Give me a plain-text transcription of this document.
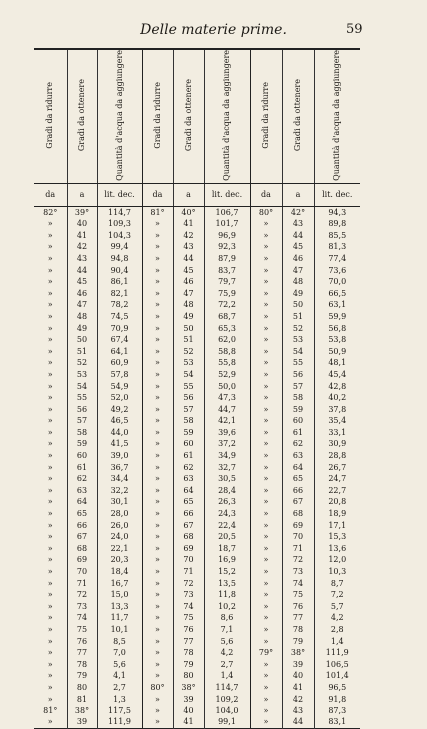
Delle materie prime.	59
Gradi da ridurre	Gradi da ottenere	Quantità d'acqua da aggiungere	Gradi da ridurre	Gradi da ottenere	Quantità d'acqua da aggiungere	Gradi da ridurre	Gradi da ottenere	Quantità d'acqua da aggiungere
da	a	lit. dec.	da	a	lit. dec.	da	a	lit. dec.
82°	39°	114,7	81°	40°	106,7	80°	42°	94,3
»	40	109,3	»	41	101,7	»	43	89,8
»	41	104,3	»	42	96,9	»	44	85,5
»	42	99,4	»	43	92,3	»	45	81,3
»	43	94,8	»	44	87,9	»	46	77,4
»	44	90,4	»	45	83,7	»	47	73,6
»	45	86,1	»	46	79,7	»	48	70,0
»	46	82,1	»	47	75,9	»	49	66,5
»	47	78,2	»	48	72,2	»	50	63,1
»	48	74,5	»	49	68,7	»	51	59,9
»	49	70,9	»	50	65,3	»	52	56,8
»	50	67,4	»	51	62,0	»	53	53,8
»	51	64,1	»	52	58,8	»	54	50,9
»	52	60,9	»	53	55,8	»	55	48,1
»	53	57,8	»	54	52,9	»	56	45,4
»	54	54,9	»	55	50,0	»	57	42,8
»	55	52,0	»	56	47,3	»	58	40,2
»	56	49,2	»	57	44,7	»	59	37,8
»	57	46,5	»	58	42,1	»	60	35,4
»	58	44,0	»	59	39,6	»	61	33,1
»	59	41,5	»	60	37,2	»	62	30,9
»	60	39,0	»	61	34,9	»	63	28,8
»	61	36,7	»	62	32,7	»	64	26,7
»	62	34,4	»	63	30,5	»	65	24,7
»	63	32,2	»	64	28,4	»	66	22,7
»	64	30,1	»	65	26,3	»	67	20,8
»	65	28,0	»	66	24,3	»	68	18,9
»	66	26,0	»	67	22,4	»	69	17,1
»	67	24,0	»	68	20,5	»	70	15,3
»	68	22,1	»	69	18,7	»	71	13,6
»	69	20,3	»	70	16,9	»	72	12,0
»	70	18,4	»	71	15,2	»	73	10,3
»	71	16,7	»	72	13,5	»	74	8,7
»	72	15,0	»	73	11,8	»	75	7,2
»	73	13,3	»	74	10,2	»	76	5,7
»	74	11,7	»	75	8,6	»	77	4,2
»	75	10,1	»	76	7,1	»	78	2,8
»	76	8,5	»	77	5,6	»	79	1,4
»	77	7,0	»	78	4,2	79°	38°	111,9
»	78	5,6	»	79	2,7	»	39	106,5
»	79	4,1	»	80	1,4	»	40	101,4
»	80	2,7	80°	38°	114,7	»	41	96,5
»	81	1,3	»	39	109,2	»	42	91,8
81°	38°	117,5	»	40	104,0	»	43	87,3
»	39	111,9	»	41	99,1	»	44	83,1
